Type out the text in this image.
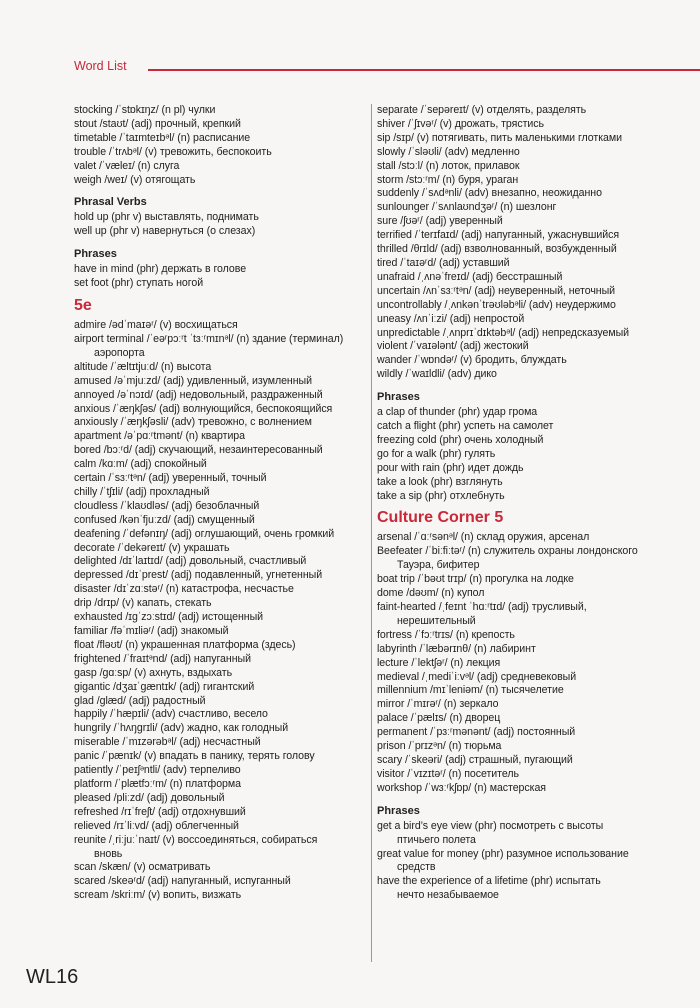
Word List
stocking /ˈstɒkɪŋz/ (n pl) чулки
stout /staʊt/ (adj) прочный, крепкий
timetable /ˈtaɪmteɪbᵊl/ (n) расписание
trouble /ˈtrʌbᵊl/ (v) тревожить, беспокоить
valet /ˈvæleɪ/ (n) слуга
weigh /weɪ/ (v) отягощать
Phrasal Verbs
hold up (phr v) выставлять, поднимать
well up (phr v) навернуться (о слезах)
Phrases
have in mind (phr) держать в голове
set foot (phr) ступать ногой
5e
admire /ədˈmaɪəʳ/ (v) восхищаться
airport terminal /ˈeəʳpɔːʳt ˈtɜːʳmɪnᵊl/ (n) здание (терминал)
аэропорта
altitude /ˈæltɪtjuːd/ (n) высота
amused /əˈmjuːzd/ (adj) удивленный, изумленный
annoyed /əˈnɔɪd/ (adj) недовольный, раздраженный
anxious /ˈæŋkʃəs/ (adj) волнующийся, беспокоящийся
anxiously /ˈæŋkʃəsli/ (adv) тревожно, с волнением
apartment /əˈpɑːʳtmənt/ (n) квартира
bored /bɔːʳd/ (adj) скучающий, незаинтересованный
calm /kɑːm/ (adj) спокойный
certain /ˈsɜːʳtᵊn/ (adj) уверенный, точный
chilly /ˈtʃɪli/ (adj) прохладный
cloudless /ˈklaʊdləs/ (adj) безоблачный
confused /kənˈfjuːzd/ (adj) смущенный
deafening /ˈdefənɪŋ/ (adj) оглушающий, очень громкий
decorate /ˈdekəreɪt/ (v) украшать
delighted /dɪˈlaɪtɪd/ (adj) довольный, счастливый
depressed /dɪˈprest/ (adj) подавленный, угнетенный
disaster /dɪˈzɑːstəʳ/ (n) катастрофа, несчастье
drip /drɪp/ (v) капать, стекать
exhausted /ɪgˈzɔːstɪd/ (adj) истощенный
familiar /fəˈmɪliəʳ/ (adj) знакомый
float /fləʊt/ (n) украшенная платформа (здесь)
frightened /ˈfraɪtᵊnd/ (adj) напуганный
gasp /gɑːsp/ (v) ахнуть, вздыхать
gigantic /dʒaɪˈgæntɪk/ (adj) гигантский
glad /glæd/ (adj) радостный
happily /ˈhæpɪli/ (adv) счастливо, весело
hungrily /ˈhʌŋgrɪli/ (adv) жадно, как голодный
miserable /ˈmɪzərəbᵊl/ (adj) несчастный
panic /ˈpænɪk/ (v) впадать в панику, терять голову
patiently /ˈpeɪʃᵊntli/ (adv) терпеливо
platform /ˈplætfɔːʳm/ (n) платформа
pleased /pliːzd/ (adj) довольный
refreshed /rɪˈfreʃt/ (adj) отдохнувший
relieved /rɪˈliːvd/ (adj) облегченный
reunite /ˌriːjuːˈnaɪt/ (v) воссоединяться, собираться
вновь
scan /skæn/ (v) осматривать
scared /skeəʳd/ (adj) напуганный, испуганный
scream /skriːm/ (v) вопить, визжать
separate /ˈsepəreɪt/ (v) отделять, разделять
shiver /ˈʃɪvəʳ/ (v) дрожать, трястись
sip /sɪp/ (v) потягивать, пить маленькими глотками
slowly /ˈsləʊli/ (adv) медленно
stall /stɔːl/ (n) лоток, прилавок
storm /stɔːʳm/ (n) буря, ураган
suddenly /ˈsʌdᵊnli/ (adv) внезапно, неожиданно
sunlounger /ˈsʌnlaʊndʒəʳ/ (n) шезлонг
sure /ʃʊəʳ/ (adj) уверенный
terrified /ˈterɪfaɪd/ (adj) напуганный, ужаснувшийся
thrilled /θrɪld/ (adj) взволнованный, возбужденный
tired /ˈtaɪəʳd/ (adj) уставший
unafraid /ˌʌnəˈfreɪd/ (adj) бесстрашный
uncertain /ʌnˈsɜːʳtᵊn/ (adj) неуверенный, неточный
uncontrollably /ˌʌnkənˈtrəʊləbᵊli/ (adv) неудержимо
uneasy /ʌnˈiːzi/ (adj) непростой
unpredictable /ˌʌnprɪˈdɪktəbᵊl/ (adj) непредсказуемый
violent /ˈvaɪələnt/ (adj) жестокий
wander /ˈwɒndəʳ/ (v) бродить, блуждать
wildly /ˈwaɪldli/ (adv) дико
Phrases
a clap of thunder (phr) удар грома
catch a flight (phr) успеть на самолет
freezing cold (phr) очень холодный
go for a walk (phr) гулять
pour with rain (phr) идет дождь
take a look (phr) взглянуть
take a sip (phr) отхлебнуть
Culture Corner 5
arsenal /ˈɑːʳsənᵊl/ (n) склад оружия, арсенал
Beefeater /ˈbiːfiːtəʳ/ (n) служитель охраны лондонского
Тауэра, бифитер
boat trip /ˈbəʊt trɪp/ (n) прогулка на лодке
dome /dəʊm/ (n) купол
faint-hearted /ˌfeɪnt ˈhɑːʳtɪd/ (adj) трусливый,
нерешительный
fortress /ˈfɔːʳtrɪs/ (n) крепость
labyrinth /ˈlæbərɪnθ/ (n) лабиринт
lecture /ˈlektʃəʳ/ (n) лекция
medieval /ˌmediˈiːvᵊl/ (adj) средневековый
millennium /mɪˈleniəm/ (n) тысячелетие
mirror /ˈmɪrəʳ/ (n) зеркало
palace /ˈpælɪs/ (n) дворец
permanent /ˈpɜːʳmənənt/ (adj) постоянный
prison /ˈprɪzᵊn/ (n) тюрьма
scary /ˈskeəri/ (adj) страшный, пугающий
visitor /ˈvɪzɪtəʳ/ (n) посетитель
workshop /ˈwɜːʳkʃɒp/ (n) мастерская
Phrases
get a bird’s eye view (phr) посмотреть с высоты
птичьего полета
great value for money (phr) разумное использование
средств
have the experience of a lifetime (phr) испытать
нечто незабываемое
WL16
